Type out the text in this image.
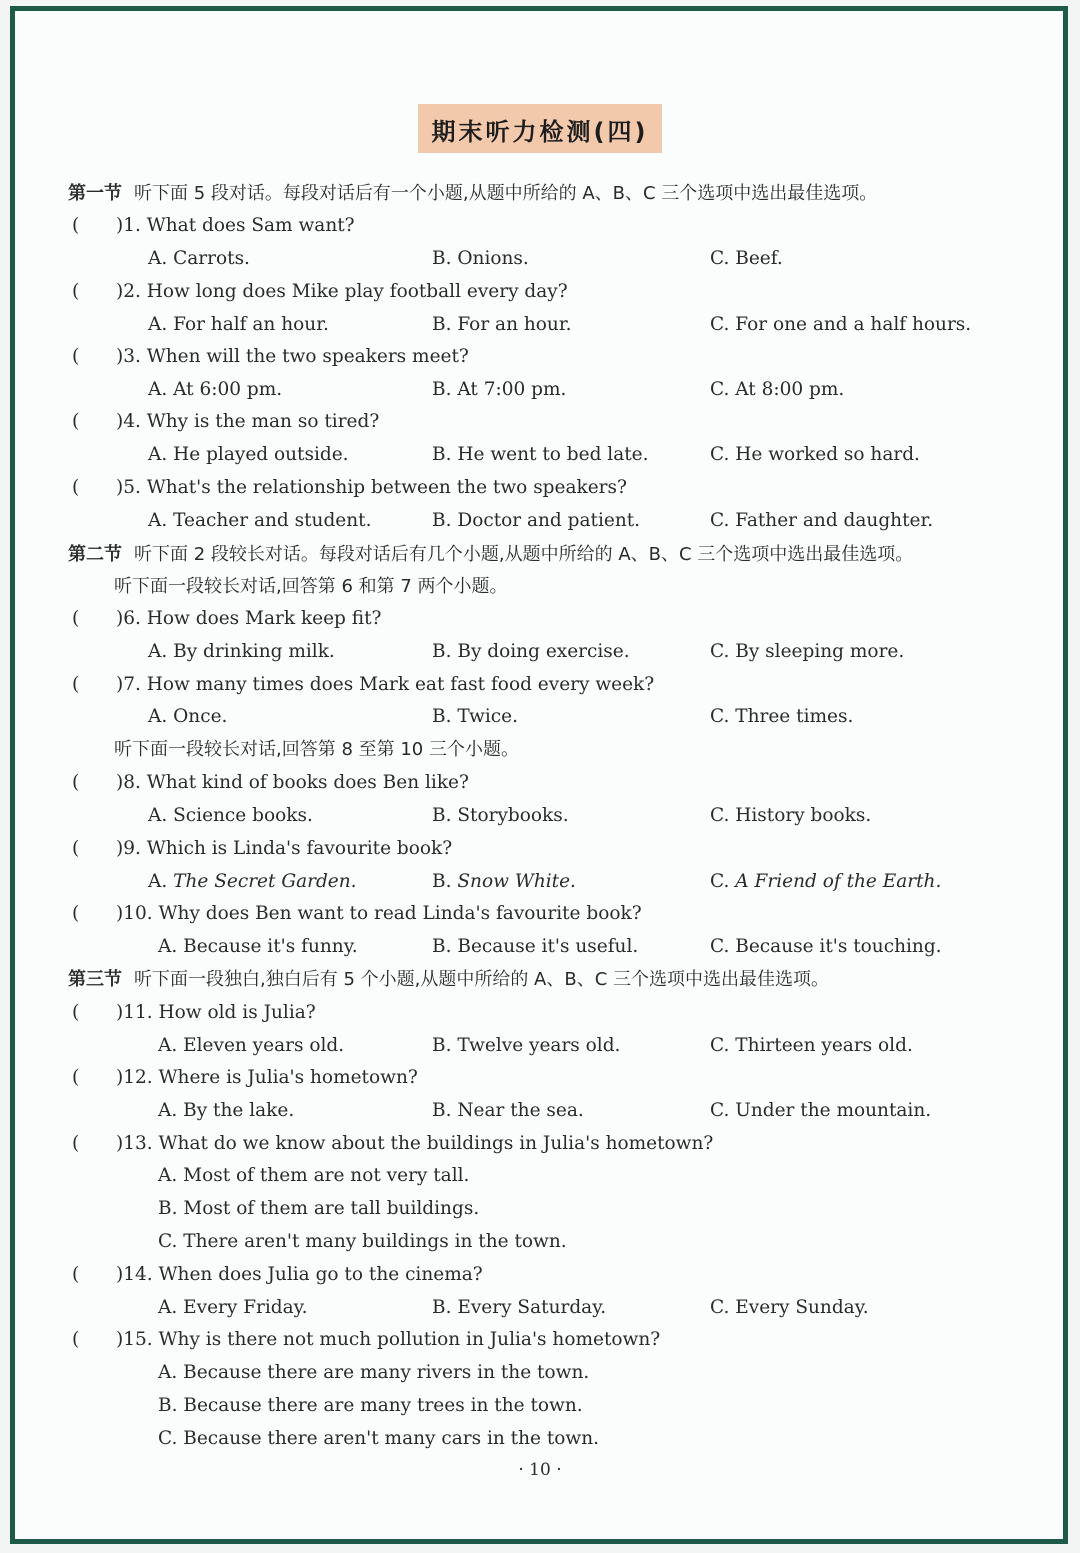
期末听力检测(四)
第一节 听下面 5 段对话。每段对话后有一个小题,从题中所给的 A、B、C 三个选项中选出最佳选项。
( )1. What does Sam want?
A. Carrots.	B. Onions.	C. Beef.
( )2. How long does Mike play football every day?
A. For half an hour.	B. For an hour.	C. For one and a half hours.
( )3. When will the two speakers meet?
A. At 6:00 pm.	B. At 7:00 pm.	C. At 8:00 pm.
( )4. Why is the man so tired?
A. He played outside.	B. He went to bed late.	C. He worked so hard.
( )5. What's the relationship between the two speakers?
A. Teacher and student.	B. Doctor and patient.	C. Father and daughter.
第二节 听下面 2 段较长对话。每段对话后有几个小题,从题中所给的 A、B、C 三个选项中选出最佳选项。
听下面一段较长对话,回答第 6 和第 7 两个小题。
( )6. How does Mark keep fit?
A. By drinking milk.	B. By doing exercise.	C. By sleeping more.
( )7. How many times does Mark eat fast food every week?
A. Once.	B. Twice.	C. Three times.
听下面一段较长对话,回答第 8 至第 10 三个小题。
( )8. What kind of books does Ben like?
A. Science books.	B. Storybooks.	C. History books.
( )9. Which is Linda's favourite book?
A. The Secret Garden.	B. Snow White.	C. A Friend of the Earth.
( )10. Why does Ben want to read Linda's favourite book?
A. Because it's funny.	B. Because it's useful.	C. Because it's touching.
第三节 听下面一段独白,独白后有 5 个小题,从题中所给的 A、B、C 三个选项中选出最佳选项。
( )11. How old is Julia?
A. Eleven years old.	B. Twelve years old.	C. Thirteen years old.
( )12. Where is Julia's hometown?
A. By the lake.	B. Near the sea.	C. Under the mountain.
( )13. What do we know about the buildings in Julia's hometown?
A. Most of them are not very tall.
B. Most of them are tall buildings.
C. There aren't many buildings in the town.
( )14. When does Julia go to the cinema?
A. Every Friday.	B. Every Saturday.	C. Every Sunday.
( )15. Why is there not much pollution in Julia's hometown?
A. Because there are many rivers in the town.
B. Because there are many trees in the town.
C. Because there aren't many cars in the town.
· 10 ·
